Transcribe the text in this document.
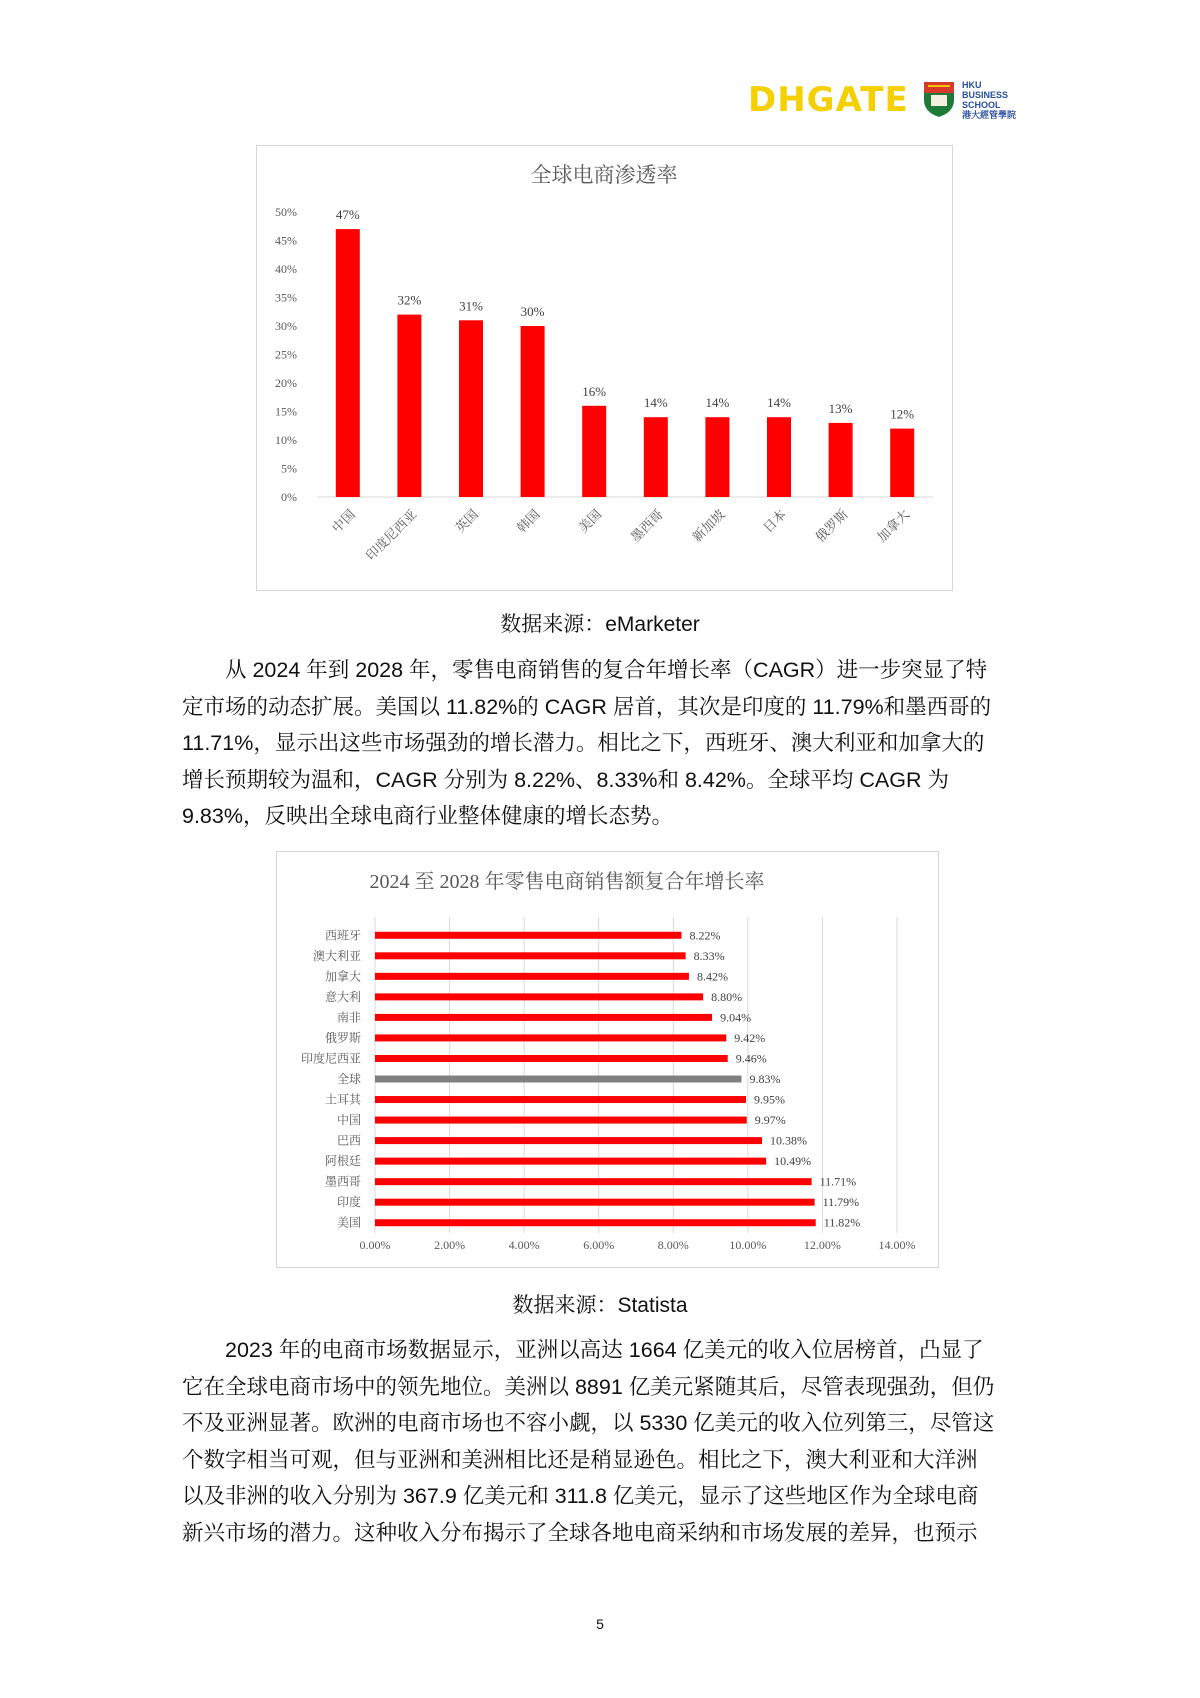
DHGATE	HKU
BUSINESS
SCHOOL
港大經管學院
全球电商渗透率
0%
5%
10%
15%
20%
25%
30%
35%
40%
45%
50%	47%
中国
32%
印度尼西亚
31%
英国
30%
韩国
16%
美国
14%
墨西哥
14%
新加坡
14%
日本
13%
俄罗斯
12%
加拿大
数据来源：eMarketer
　　从 2024 年到 2028 年，零售电商销售的复合年增长率（CAGR）进一步突显了特
定市场的动态扩展。美国以 11.82%的 CAGR 居首，其次是印度的 11.79%和墨西哥的
11.71%，显示出这些市场强劲的增长潜力。相比之下，西班牙、澳大利亚和加拿大的
增长预期较为温和，CAGR 分别为 8.22%、8.33%和 8.42%。全球平均 CAGR 为
9.83%，反映出全球电商行业整体健康的增长态势。
2024 至 2028 年零售电商销售额复合年增长率
0.00%	2.00%	4.00%	6.00%	8.00%	10.00%	12.00%	14.00%
8.22%
西班牙
8.33%
澳大利亚
8.42%
加拿大
8.80%
意大利
9.04%
南非
9.42%
俄罗斯
9.46%
印度尼西亚
9.83%
全球
9.95%
土耳其
9.97%
中国
10.38%
巴西
10.49%
阿根廷
11.71%
墨西哥
11.79%
印度
11.82%
美国
数据来源：Statista
　　2023 年的电商市场数据显示，亚洲以高达 1664 亿美元的收入位居榜首，凸显了
它在全球电商市场中的领先地位。美洲以 8891 亿美元紧随其后，尽管表现强劲，但仍
不及亚洲显著。欧洲的电商市场也不容小觑，以 5330 亿美元的收入位列第三，尽管这
个数字相当可观，但与亚洲和美洲相比还是稍显逊色。相比之下，澳大利亚和大洋洲
以及非洲的收入分别为 367.9 亿美元和 311.8 亿美元，显示了这些地区作为全球电商
新兴市场的潜力。这种收入分布揭示了全球各地电商采纳和市场发展的差异，也预示
5
